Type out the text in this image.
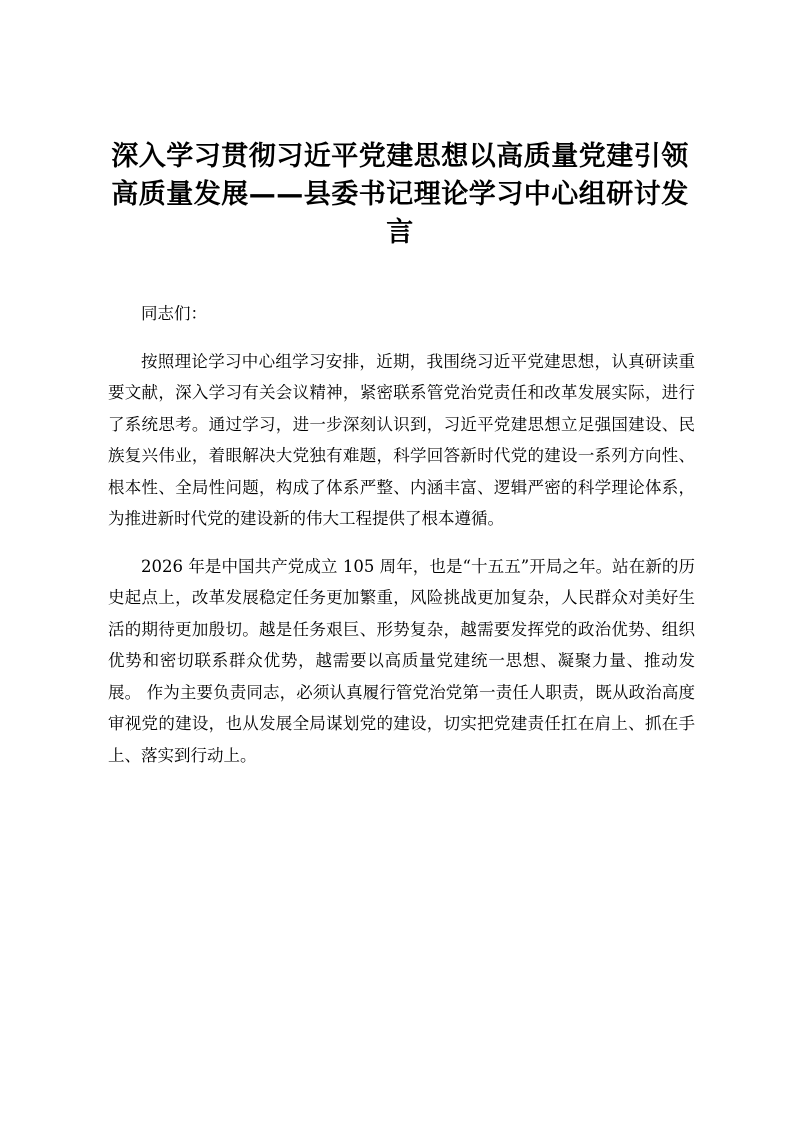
深入学习贯彻习近平党建思想以高质量党建引领高质量发展——县委书记理论学习中心组研讨发言

同志们：

按照理论学习中心组学习安排，近期，我围绕习近平党建思想，认真研读重要文献，深入学习有关会议精神，紧密联系管党治党责任和改革发展实际，进行了系统思考。通过学习，进一步深刻认识到，习近平党建思想立足强国建设、民族复兴伟业，着眼解决大党独有难题，科学回答新时代党的建设一系列方向性、根本性、全局性问题，构成了体系严整、内涵丰富、逻辑严密的科学理论体系，为推进新时代党的建设新的伟大工程提供了根本遵循。

2026 年是中国共产党成立 105 周年，也是“十五五”开局之年。站在新的历史起点上，改革发展稳定任务更加繁重，风险挑战更加复杂，人民群众对美好生活的期待更加殷切。越是任务艰巨、形势复杂，越需要发挥党的政治优势、组织优势和密切联系群众优势，越需要以高质量党建统一思想、凝聚力量、推动发展。 作为主要负责同志，必须认真履行管党治党第一责任人职责，既从政治高度审视党的建设，也从发展全局谋划党的建设，切实把党建责任扛在肩上、抓在手上、落实到行动上。
